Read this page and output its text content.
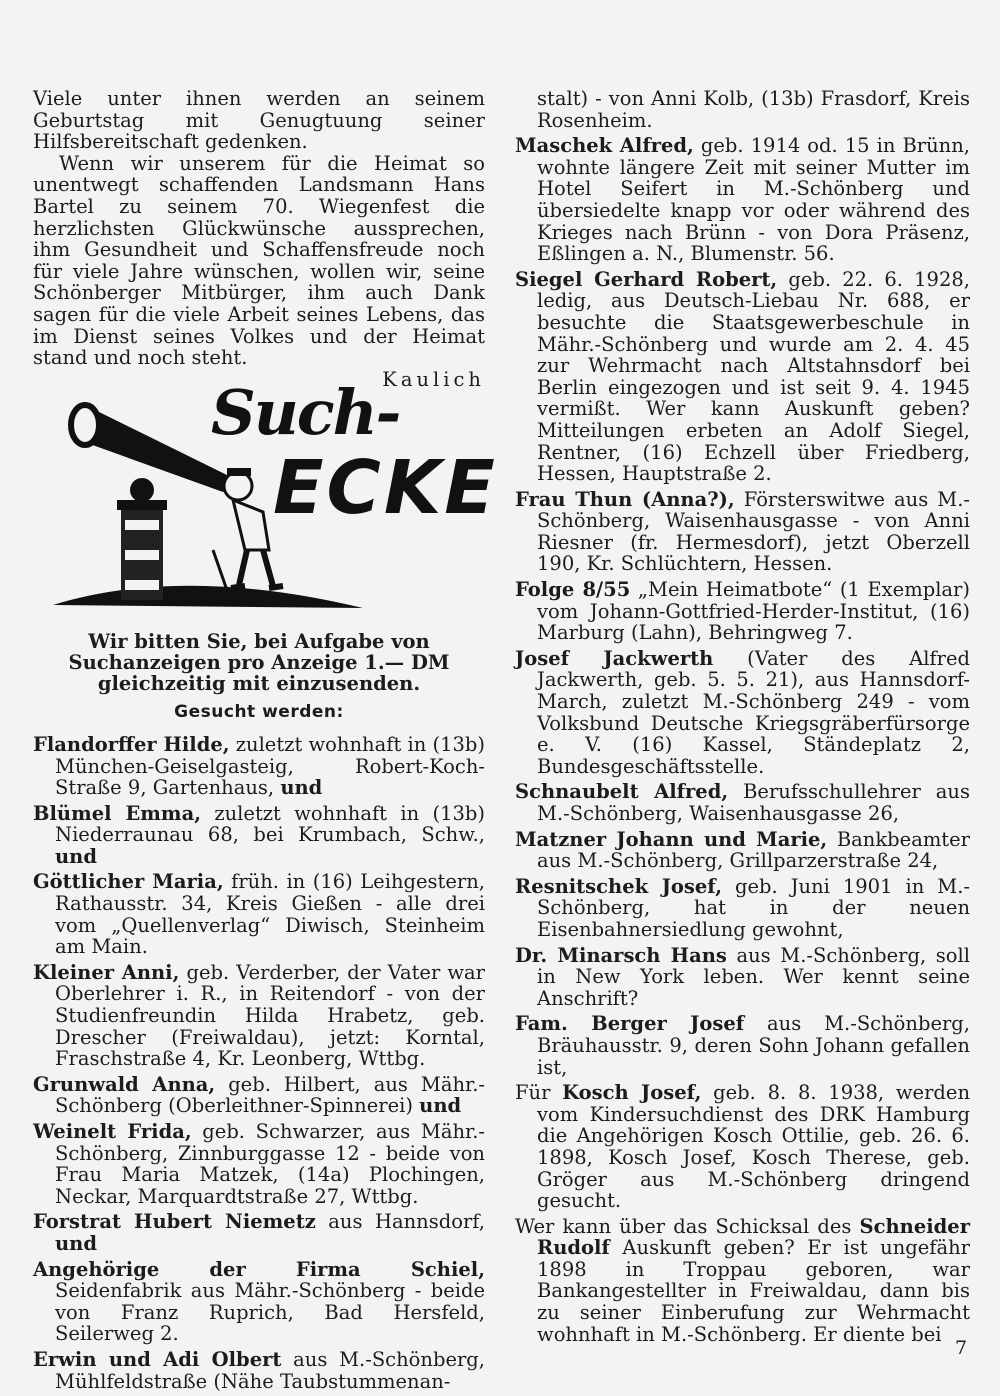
Viele unter ihnen werden an seinem Geburtstag mit Genugtuung seiner Hilfsbereitschaft gedenken.

Wenn wir unserem für die Heimat so unentwegt schaffenden Landsmann Hans Bartel zu seinem 70. Wiegenfest die herzlichsten Glückwünsche aussprechen, ihm Gesundheit und Schaffensfreude noch für viele Jahre wünschen, wollen wir, seine Schönberger Mitbürger, ihm auch Dank sagen für die viele Arbeit seines Lebens, das im Dienst seines Volkes und der Heimat stand und noch steht.

Kaulich

Such-
ECKE

Wir bitten Sie, bei Aufgabe von Suchanzeigen pro Anzeige 1.— DM gleichzeitig mit einzusenden.

Gesucht werden:

Flandorffer Hilde, zuletzt wohnhaft in (13b) München-Geiselgasteig, Robert-Koch-Straße 9, Gartenhaus, und

Blümel Emma, zuletzt wohnhaft in (13b) Niederraunau 68, bei Krumbach, Schw., und

Göttlicher Maria, früh. in (16) Leihgestern, Rathausstr. 34, Kreis Gießen - alle drei vom „Quellenverlag“ Diwisch, Steinheim am Main.

Kleiner Anni, geb. Verderber, der Vater war Oberlehrer i. R., in Reitendorf - von der Studienfreundin Hilda Hrabetz, geb. Drescher (Freiwaldau), jetzt: Korntal, Fraschstraße 4, Kr. Leonberg, Wttbg.

Grunwald Anna, geb. Hilbert, aus Mähr.-Schönberg (Oberleithner-Spinnerei) und

Weinelt Frida, geb. Schwarzer, aus Mähr.-Schönberg, Zinnburggasse 12 - beide von Frau Maria Matzek, (14a) Plochingen, Neckar, Marquardtstraße 27, Wttbg.

Forstrat Hubert Niemetz aus Hannsdorf, und

Angehörige der Firma Schiel, Seidenfabrik aus Mähr.-Schönberg - beide von Franz Ruprich, Bad Hersfeld, Seilerweg 2.

Erwin und Adi Olbert aus M.-Schönberg, Mühlfeldstraße (Nähe Taubstummenan-

stalt) - von Anni Kolb, (13b) Frasdorf, Kreis Rosenheim.

Maschek Alfred, geb. 1914 od. 15 in Brünn, wohnte längere Zeit mit seiner Mutter im Hotel Seifert in M.-Schönberg und übersiedelte knapp vor oder während des Krieges nach Brünn - von Dora Präsenz, Eßlingen a. N., Blumenstr. 56.

Siegel Gerhard Robert, geb. 22. 6. 1928, ledig, aus Deutsch-Liebau Nr. 688, er besuchte die Staatsgewerbeschule in Mähr.-Schönberg und wurde am 2. 4. 45 zur Wehrmacht nach Altstahnsdorf bei Berlin eingezogen und ist seit 9. 4. 1945 vermißt. Wer kann Auskunft geben? Mitteilungen erbeten an Adolf Siegel, Rentner, (16) Echzell über Friedberg, Hessen, Hauptstraße 2.

Frau Thun (Anna?), Försterswitwe aus M.-Schönberg, Waisenhausgasse - von Anni Riesner (fr. Hermesdorf), jetzt Oberzell 190, Kr. Schlüchtern, Hessen.

Folge 8/55 „Mein Heimatbote“ (1 Exemplar) vom Johann-Gottfried-Herder-Institut, (16) Marburg (Lahn), Behringweg 7.

Josef Jackwerth (Vater des Alfred Jackwerth, geb. 5. 5. 21), aus Hannsdorf-March, zuletzt M.-Schönberg 249 - vom Volksbund Deutsche Kriegsgräberfürsorge e. V. (16) Kassel, Ständeplatz 2, Bundesgeschäftsstelle.

Schnaubelt Alfred, Berufsschullehrer aus M.-Schönberg, Waisenhausgasse 26,

Matzner Johann und Marie, Bankbeamter aus M.-Schönberg, Grillparzerstraße 24,

Resnitschek Josef, geb. Juni 1901 in M.-Schönberg, hat in der neuen Eisenbahnersiedlung gewohnt,

Dr. Minarsch Hans aus M.-Schönberg, soll in New York leben. Wer kennt seine Anschrift?

Fam. Berger Josef aus M.-Schönberg, Bräuhausstr. 9, deren Sohn Johann gefallen ist,

Für Kosch Josef, geb. 8. 8. 1938, werden vom Kindersuchdienst des DRK Hamburg die Angehörigen Kosch Ottilie, geb. 26. 6. 1898, Kosch Josef, Kosch Therese, geb. Gröger aus M.-Schönberg dringend gesucht.

Wer kann über das Schicksal des Schneider Rudolf Auskunft geben? Er ist ungefähr 1898 in Troppau geboren, war Bankangestellter in Freiwaldau, dann bis zu seiner Einberufung zur Wehrmacht wohnhaft in M.-Schönberg. Er diente bei

7
